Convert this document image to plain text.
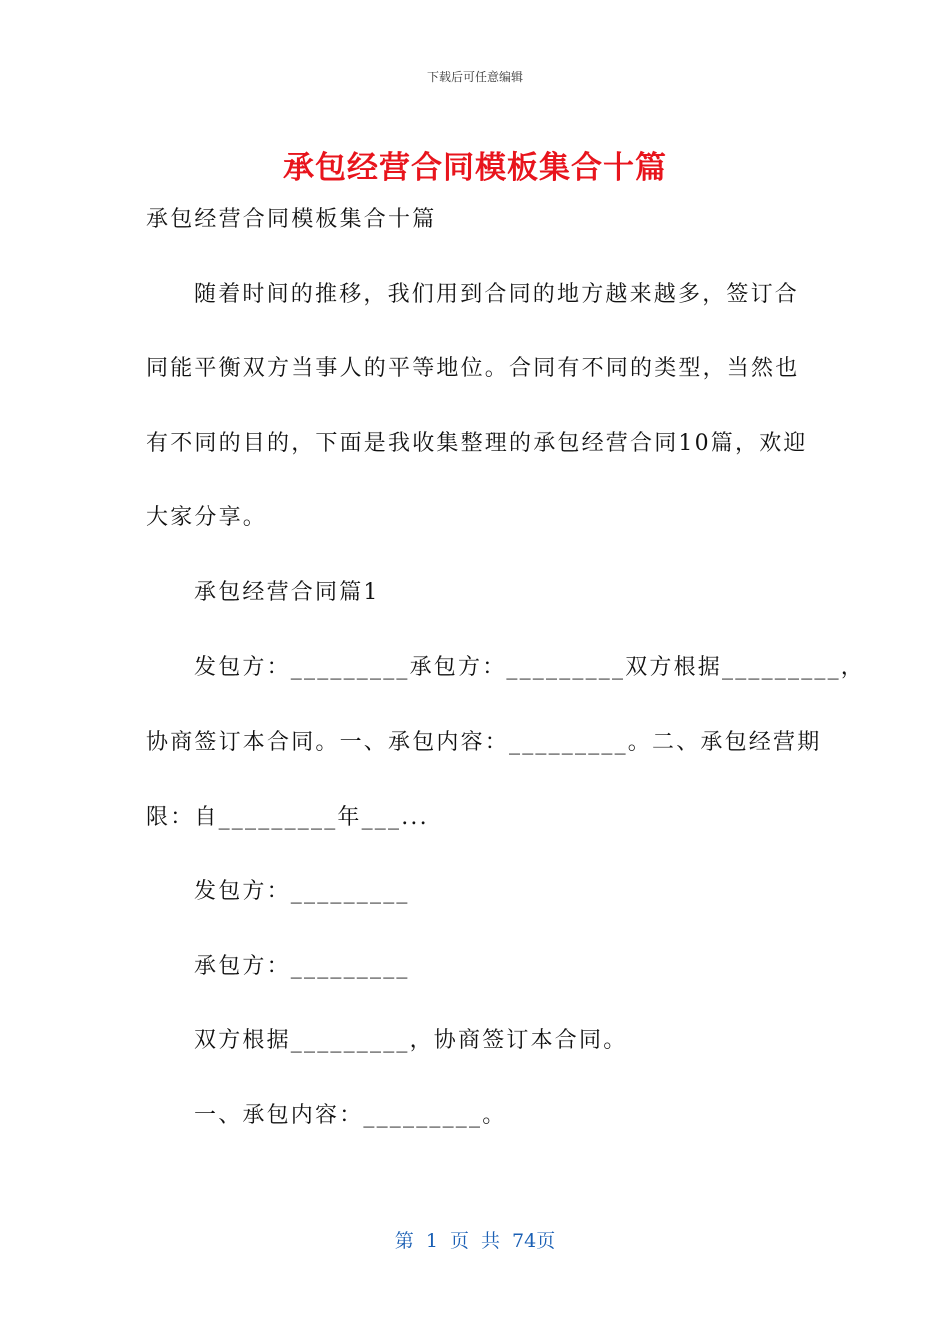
下载后可任意编辑
承包经营合同模板集合十篇
承包经营合同模板集合十篇
随着时间的推移，我们用到合同的地方越来越多，签订合
同能平衡双方当事人的平等地位。合同有不同的类型，当然也
有不同的目的，下面是我收集整理的承包经营合同10篇，欢迎
大家分享。
承包经营合同篇1
发包方：_________承包方：_________双方根据_________，
协商签订本合同。一、承包内容：_________。二、承包经营期
限：自_________年___...
发包方：_________
承包方：_________
双方根据_________，协商签订本合同。
一、承包内容：_________。
第 1 页 共 74页
